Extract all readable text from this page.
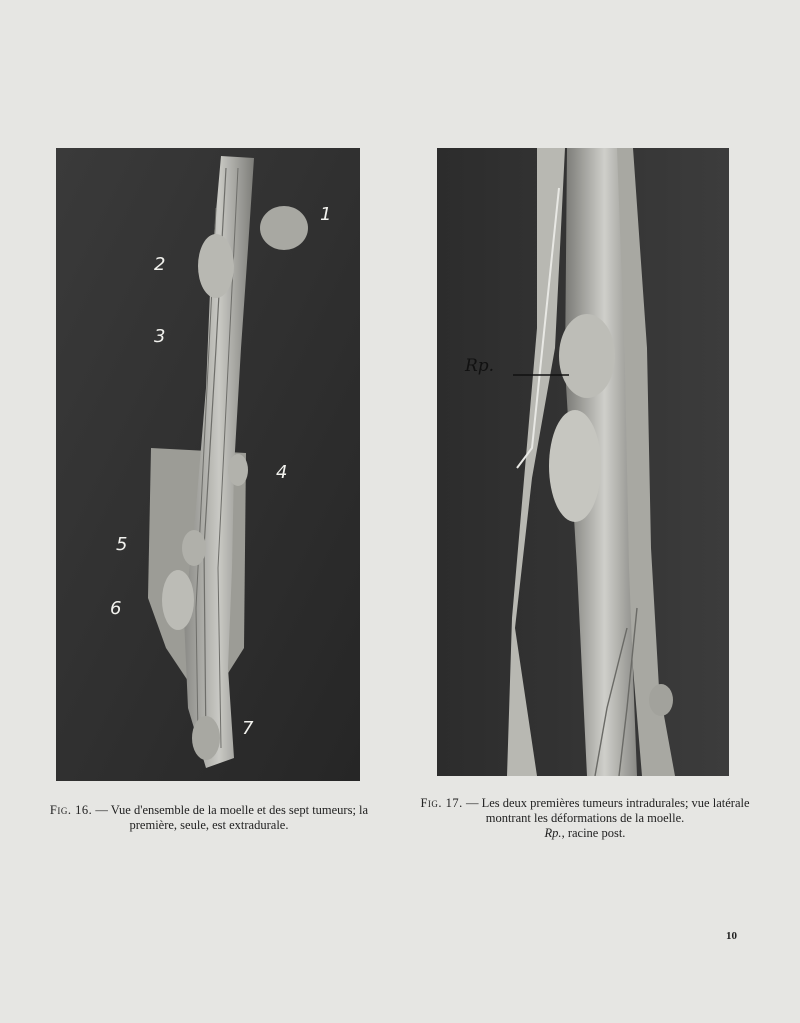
1
2
3
4
5
6
7
Rp.
Fig. 16. — Vue d'ensemble de la moelle et des sept tumeurs; la première, seule, est extradurale.
Fig. 17. — Les deux premières tumeurs intradurales; vue latérale montrant les déformations de la moelle.
Rp., racine post.
10
